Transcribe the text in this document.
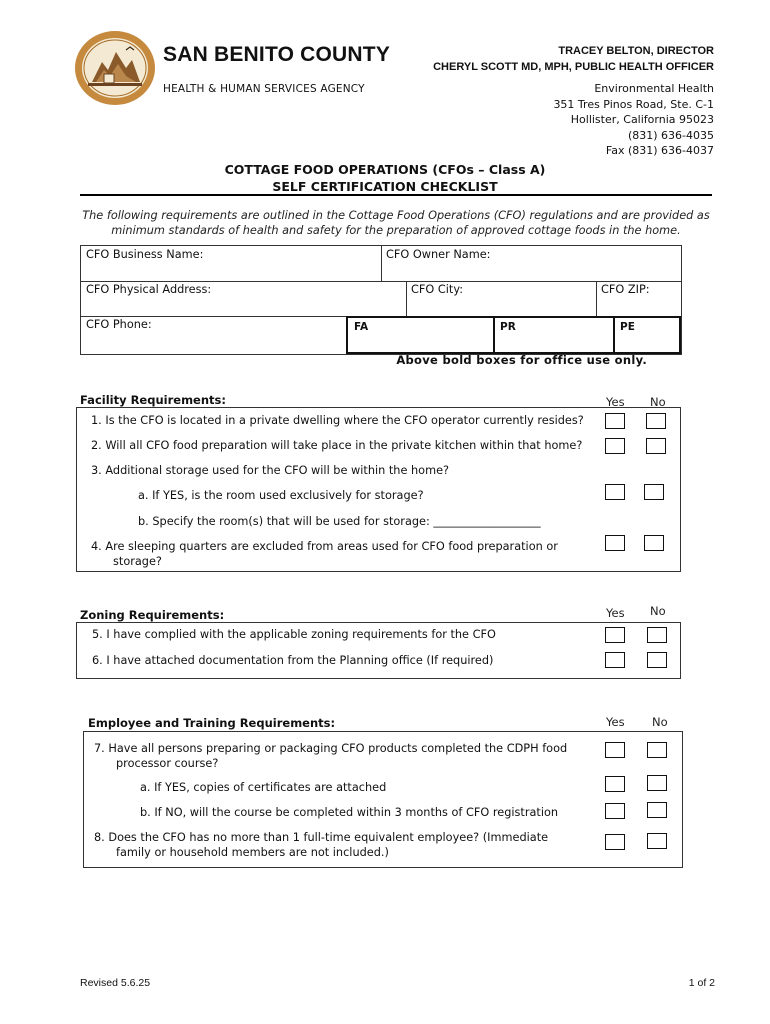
SAN BENITO COUNTY
HEALTH & HUMAN SERVICES AGENCY
TRACEY BELTON, DIRECTOR
CHERYL SCOTT MD, MPH, PUBLIC HEALTH OFFICER
Environmental Health
351 Tres Pinos Road, Ste. C-1
Hollister, California 95023
(831) 636-4035
Fax (831) 636-4037
COTTAGE FOOD OPERATIONS (CFOs – Class A)
SELF CERTIFICATION CHECKLIST
The following requirements are outlined in the Cottage Food Operations (CFO) regulations and are provided as minimum standards of health and safety for the preparation of approved cottage foods in the home.
CFO Business Name:	CFO Owner Name:
CFO Physical Address:	CFO City:	CFO ZIP:
CFO Phone:	FA	PR	PE
Above bold boxes for office use only.
Facility Requirements:	Yes No
1. Is the CFO is located in a private dwelling where the CFO operator currently resides?
2. Will all CFO food preparation will take place in the private kitchen within that home?
3. Additional storage used for the CFO will be within the home?
a. If YES, is the room used exclusively for storage?
b. Specify the room(s) that will be used for storage: ___________________
4. Are sleeping quarters are excluded from areas used for CFO food preparation or
storage?
Zoning Requirements:	Yes No
5. I have complied with the applicable zoning requirements for the CFO
6. I have attached documentation from the Planning office (If required)
Employee and Training Requirements:	Yes No
7. Have all persons preparing or packaging CFO products completed the CDPH food
processor course?
a. If YES, copies of certificates are attached
b. If NO, will the course be completed within 3 months of CFO registration
8. Does the CFO has no more than 1 full-time equivalent employee? (Immediate
family or household members are not included.)
Revised 5.6.25	1 of 2
